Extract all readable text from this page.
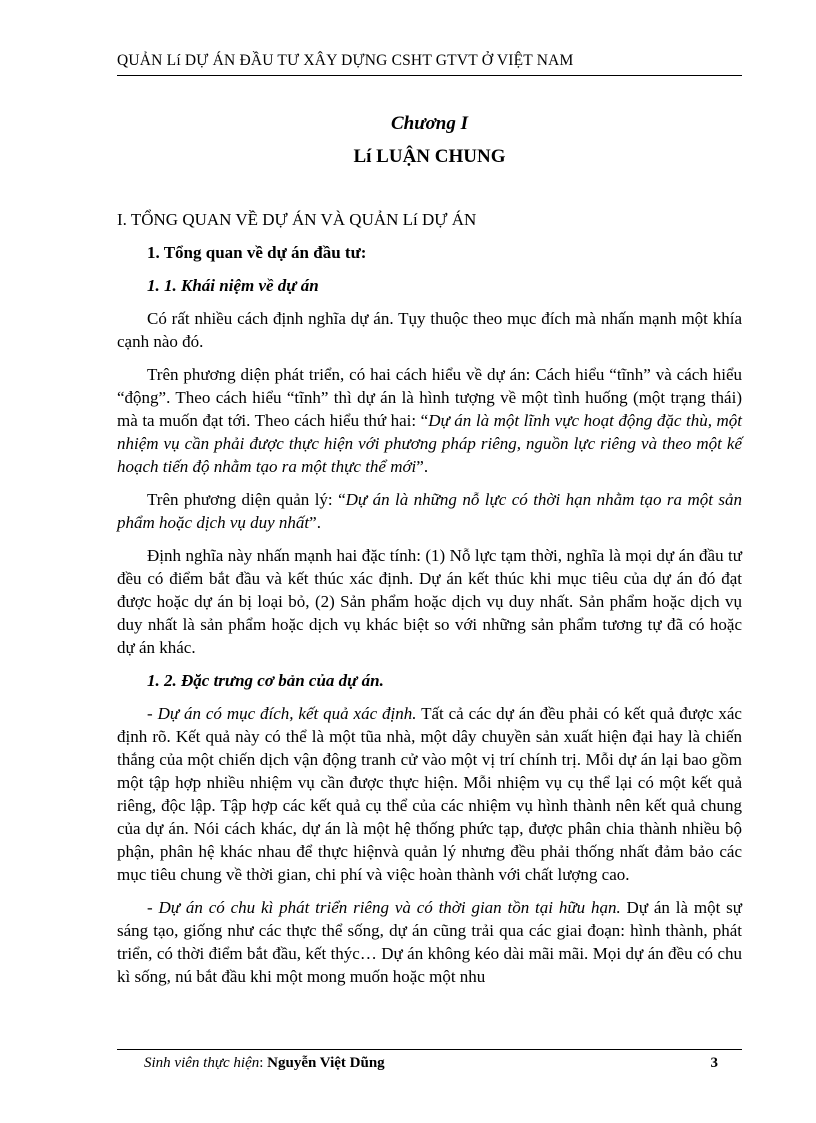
QUẢN Lí DỰ ÁN ĐẦU TƯ XÂY DỰNG CSHT GTVT Ở VIỆT NAM
Chương I
Lí LUẬN CHUNG

I. TỔNG QUAN VỀ DỰ ÁN VÀ QUẢN Lí DỰ ÁN

1. Tổng quan về dự án đầu tư:

1. 1. Khái niệm về dự án

Có rất nhiều cách định nghĩa dự án. Tụy thuộc theo mục đích mà nhấn mạnh một khía cạnh nào đó.

Trên phương diện phát triển, có hai cách hiểu về dự án: Cách hiểu “tĩnh” và cách hiểu “động”. Theo cách hiểu “tĩnh” thì dự án là hình tượng về một tình huống (một trạng thái) mà ta muốn đạt tới. Theo cách hiểu thứ hai: “Dự án là một lĩnh vực hoạt động đặc thù, một nhiệm vụ cần phải được thực hiện với phương pháp riêng, nguồn lực riêng và theo một kế hoạch tiến độ nhằm tạo ra một thực thể mới”.

Trên phương diện quản lý: “Dự án là những nỗ lực có thời hạn nhằm tạo ra một sản phẩm hoặc dịch vụ duy nhất”.

Định nghĩa này nhấn mạnh hai đặc tính: (1) Nỗ lực tạm thời, nghĩa là mọi dự án đầu tư đều có điểm bắt đầu và kết thúc xác định. Dự án kết thúc khi mục tiêu của dự án đó đạt được hoặc dự án bị loại bỏ, (2) Sản phẩm hoặc dịch vụ duy nhất. Sản phẩm hoặc dịch vụ duy nhất là sản phẩm hoặc dịch vụ khác biệt so với những sản phẩm tương tự đã có hoặc dự án khác.

1. 2. Đặc trưng cơ bản của dự án.

- Dự án có mục đích, kết quả xác định. Tất cả các dự án đều phải có kết quả được xác định rõ. Kết quả này có thể là một tũa nhà, một dây chuyền sản xuất hiện đại hay là chiến thắng của một chiến dịch vận động tranh cử vào một vị trí chính trị. Mỗi dự án lại bao gồm một tập hợp nhiều nhiệm vụ cần được thực hiện. Mỗi nhiệm vụ cụ thể lại có một kết quả riêng, độc lập. Tập hợp các kết quả cụ thể của các nhiệm vụ hình thành nên kết quả chung của dự án. Nói cách khác, dự án là một hệ thống phức tạp, được phân chia thành nhiều bộ phận, phân hệ khác nhau để thực hiệnvà quản lý nhưng đều phải thống nhất đảm bảo các mục tiêu chung về thời gian, chi phí và việc hoàn thành với chất lượng cao.

- Dự án có chu kì phát triển riêng và có thời gian tồn tại hữu hạn. Dự án là một sự sáng tạo, giống như các thực thể sống, dự án cũng trải qua các giai đoạn: hình thành, phát triển, có thời điểm bắt đầu, kết thýc… Dự án không kéo dài mãi mãi. Mọi dự án đều có chu kì sống, nú bắt đầu khi một mong muốn hoặc một nhu

Sinh viên thực hiện: Nguyễn Việt Dũng	3
